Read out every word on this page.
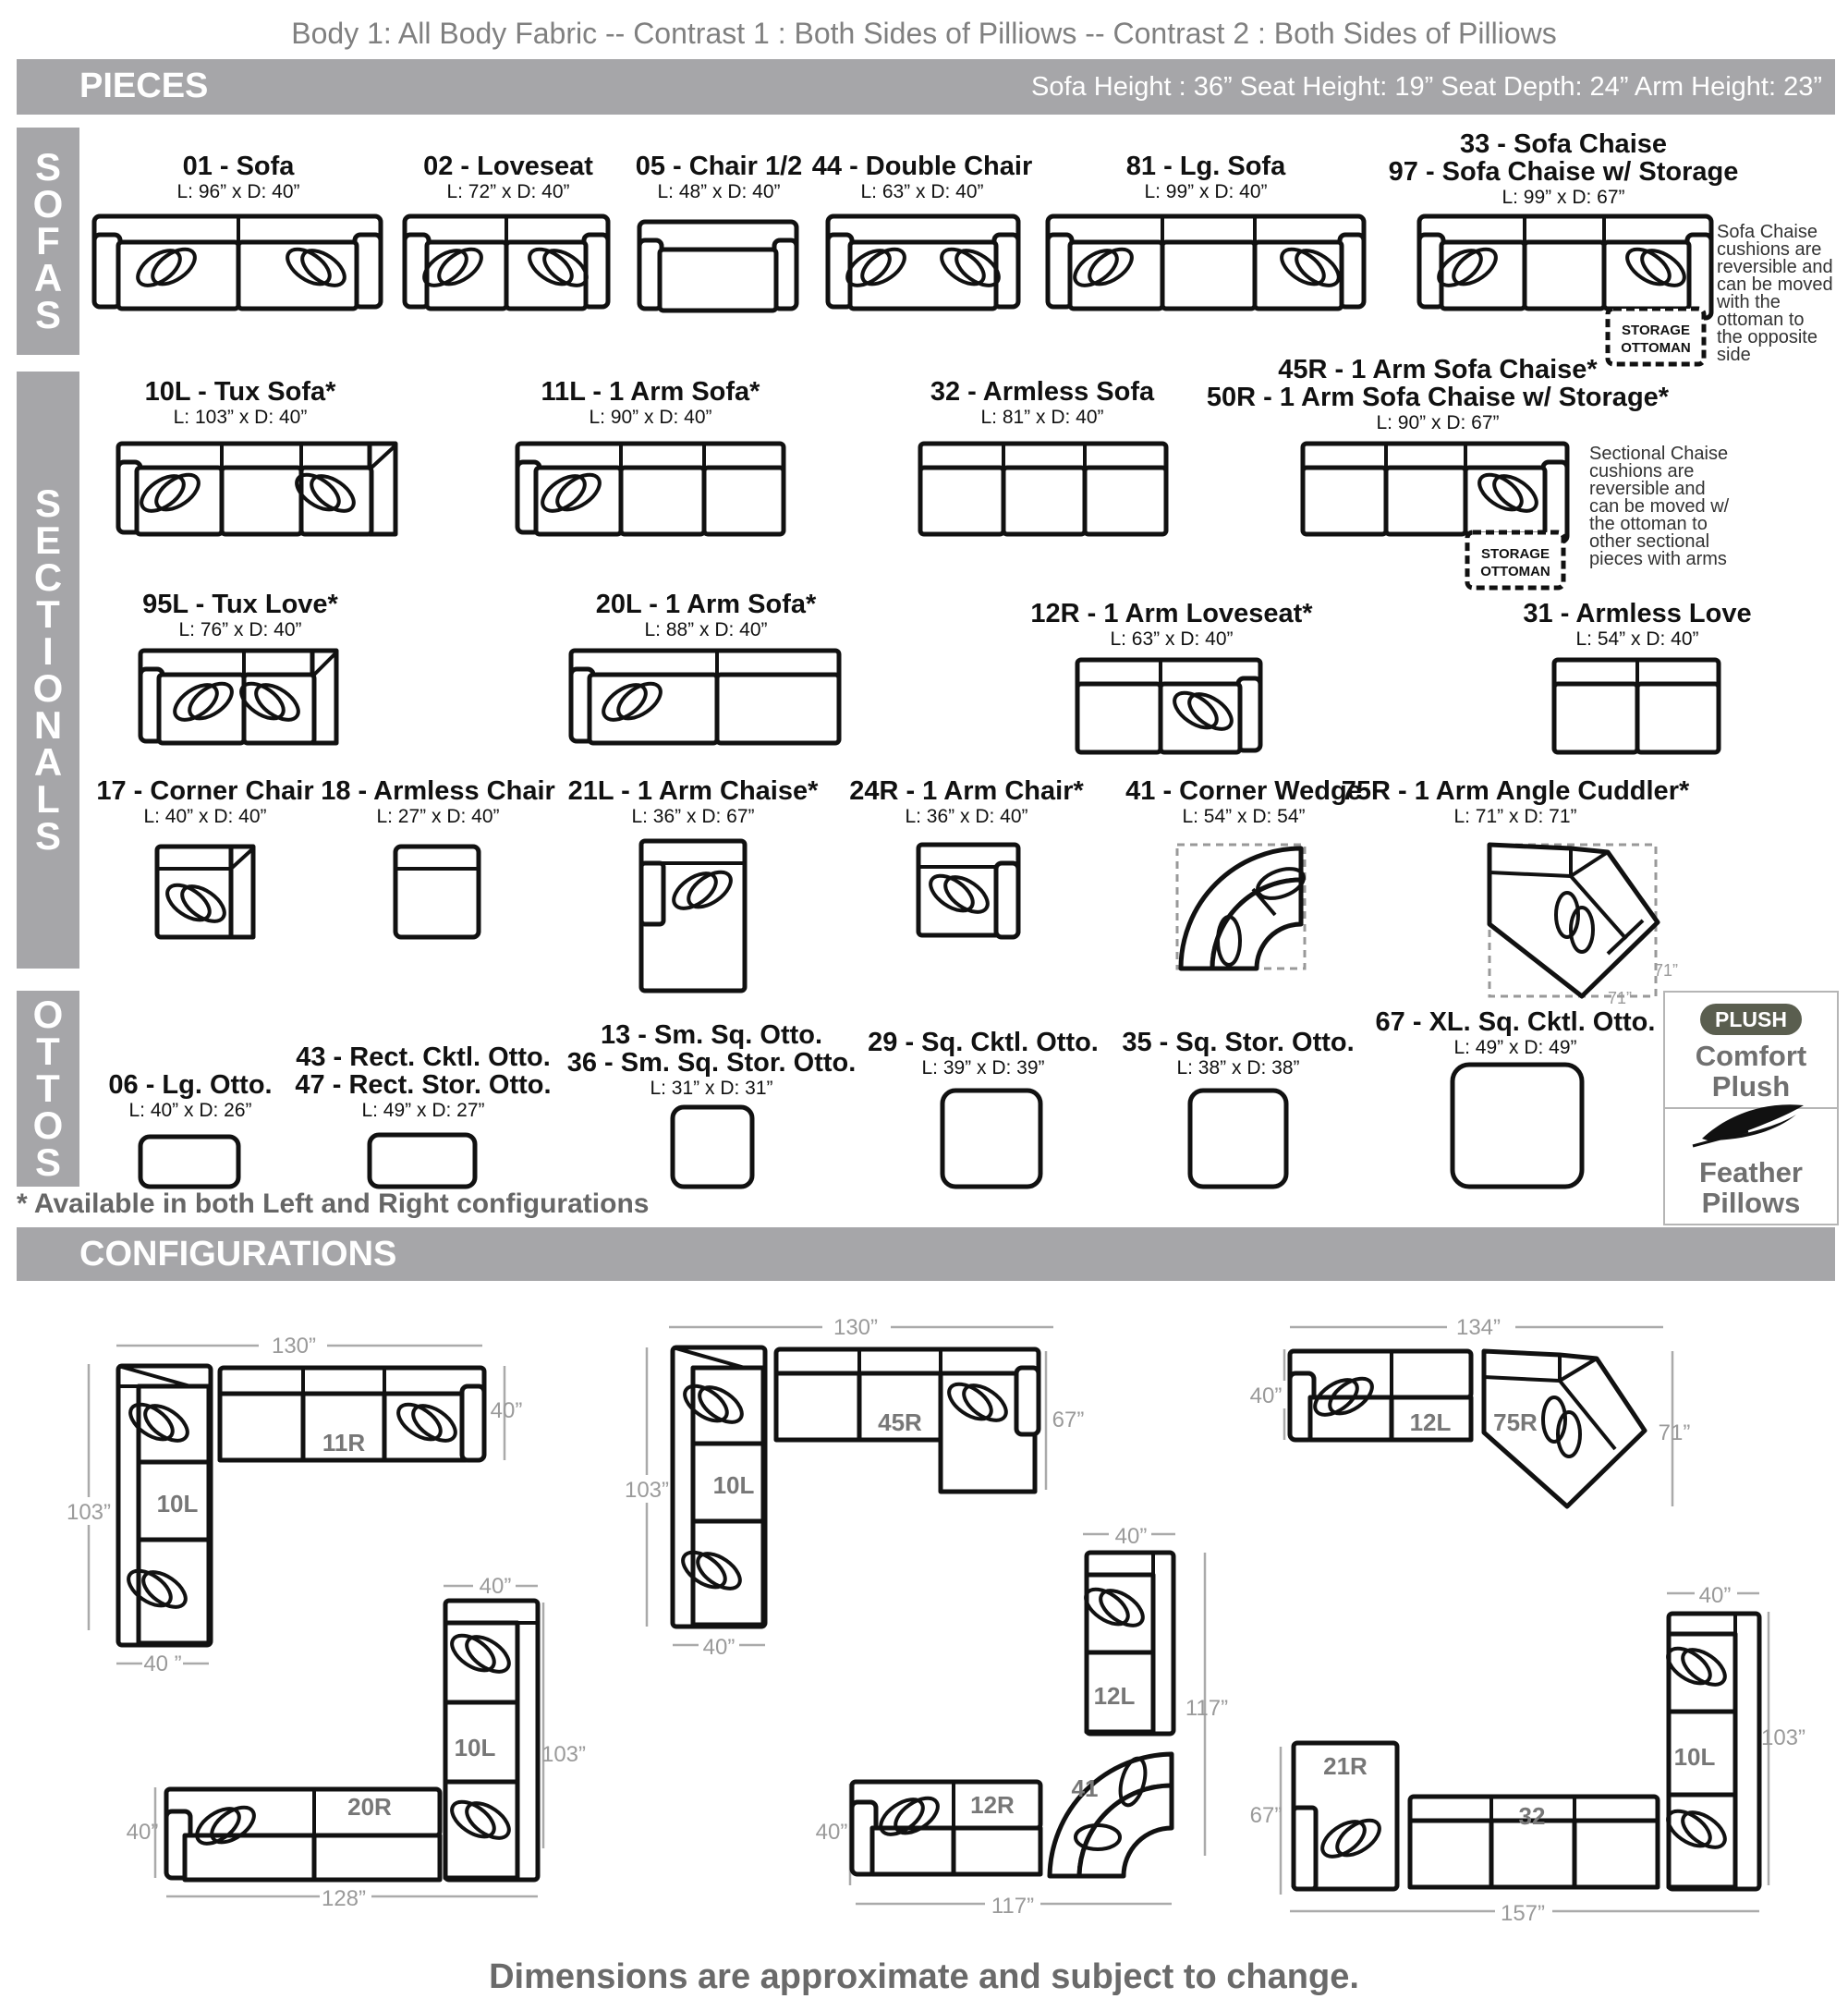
Body 1: All Body Fabric -- Contrast 1 : Both Sides of Pilliows -- Contrast 2 : Both Sides of Pilliows
PIECES	Sofa Height : 36” Seat Height: 19” Seat Depth: 24” Arm Height: 23”
S
O
F
A
S
S
E
C
T
I
O
N
A
L
S
O
T
T
O
S
01 - Sofa
L: 96” x D: 40”
02 - Loveseat
L: 72” x D: 40”
05 - Chair 1/2
L: 48” x D: 40”
44 - Double Chair
L: 63” x D: 40”
81 - Lg. Sofa
L: 99” x D: 40”
33 - Sofa Chaise
97 - Sofa Chaise w/ Storage
L: 99” x D: 67”
Sofa Chaise
cushions are
reversible and
can be moved
with the
ottoman to
the opposite
side
10L - Tux Sofa*
L: 103” x D: 40”
11L - 1 Arm Sofa*
L: 90” x D: 40”
32 - Armless Sofa
L: 81” x D: 40”
45R - 1 Arm Sofa Chaise*
50R - 1 Arm Sofa Chaise w/ Storage*
L: 90” x D: 67”
Sectional Chaise
cushions are
reversible and
can be moved w/
the ottoman to
other sectional
pieces with arms
95L - Tux Love*
L: 76” x D: 40”
20L - 1 Arm Sofa*
L: 88” x D: 40”
12R - 1 Arm Loveseat*
L: 63” x D: 40”
31 - Armless Love
L: 54” x D: 40”
17 - Corner Chair
L: 40” x D: 40”
18 - Armless Chair
L: 27” x D: 40”
21L - 1 Arm Chaise*
L: 36” x D: 67”
24R - 1 Arm Chair*
L: 36” x D: 40”
41 - Corner Wedge
L: 54” x D: 54”
75R - 1 Arm Angle Cuddler*
L: 71” x D: 71”
06 - Lg. Otto.
L: 40” x D: 26”
43 - Rect. Cktl. Otto.
47 - Rect. Stor. Otto.
L: 49” x D: 27”
13 - Sm. Sq. Otto.
36 - Sm. Sq. Stor. Otto.
L: 31” x D: 31”
29 - Sq. Cktl. Otto.
L: 39” x D: 39”
35 - Sq. Stor. Otto.
L: 38” x D: 38”
67 - XL. Sq. Cktl. Otto.
L: 49” x D: 49”
* Available in both Left and Right configurations
PLUSH
Comfort
Plush
Feather
Pillows
CONFIGURATIONS
STORAGE
OTTOMAN
STORAGE
OTTOMAN
71”
71”
130”
103”
40”
40 ”
10L
11R
40”
103”
40”
128”
10L
20R
130”
103”
67”
40”
10L
45R
40”
117”
40”
117”
12L
41
12R
134”
40”
71”
12L 75R
40”
103”
67”
157”
10L
21R
32
Dimensions are approximate and subject to change.
